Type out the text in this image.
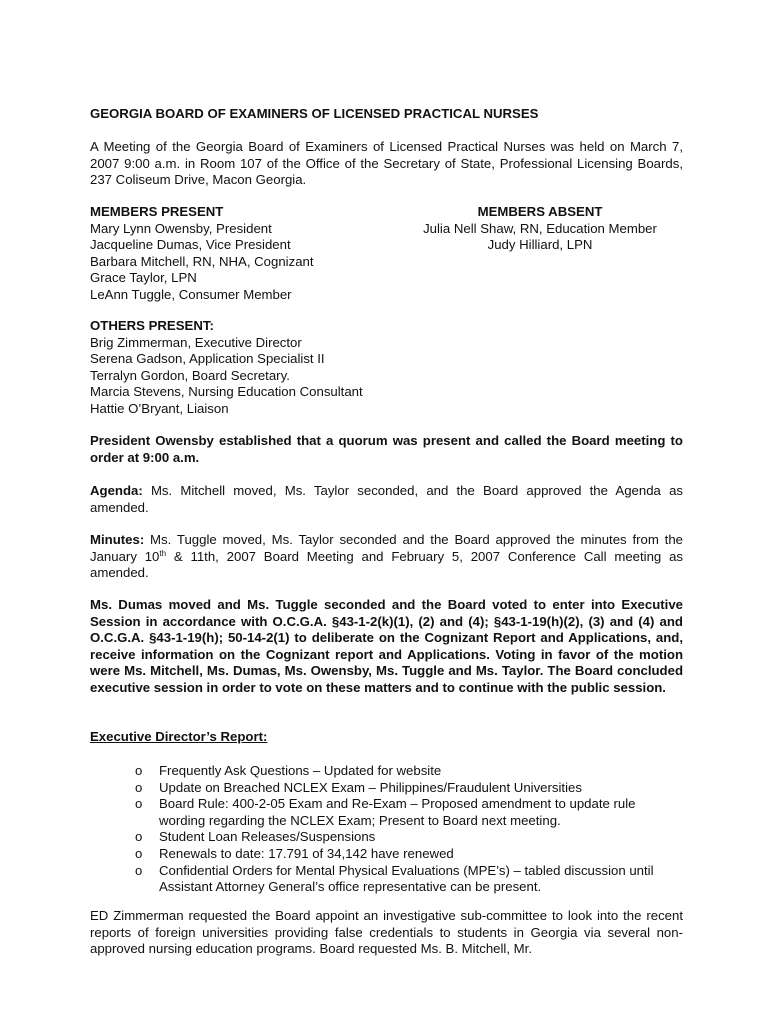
GEORGIA BOARD OF EXAMINERS OF LICENSED PRACTICAL NURSES

A Meeting of the Georgia Board of Examiners of Licensed Practical Nurses was held on March 7, 2007 9:00 a.m. in Room 107 of the Office of the Secretary of State, Professional Licensing Boards, 237 Coliseum Drive, Macon Georgia.

MEMBERS PRESENT
Mary Lynn Owensby, President
Jacqueline Dumas, Vice President
Barbara Mitchell, RN, NHA, Cognizant
Grace Taylor, LPN
LeAnn Tuggle, Consumer Member
MEMBERS ABSENT
Julia Nell Shaw, RN, Education Member
Judy Hilliard, LPN
OTHERS PRESENT:
Brig Zimmerman, Executive Director
Serena Gadson, Application Specialist II
Terralyn Gordon, Board Secretary.
Marcia Stevens, Nursing Education Consultant
Hattie O’Bryant, Liaison

President Owensby established that a quorum was present and called the Board meeting to order at 9:00 a.m.

Agenda: Ms. Mitchell moved, Ms. Taylor seconded, and the Board approved the Agenda as amended.

Minutes: Ms. Tuggle moved, Ms. Taylor seconded and the Board approved the minutes from the January 10th & 11th, 2007 Board Meeting and February 5, 2007 Conference Call meeting as amended.

Ms. Dumas moved and Ms. Tuggle seconded and the Board voted to enter into Executive Session in accordance with O.C.G.A. §43-1-2(k)(1), (2) and (4); §43-1-19(h)(2), (3) and (4) and O.C.G.A. §43-1-19(h); 50-14-2(1) to deliberate on the Cognizant Report and Applications, and, receive information on the Cognizant report and Applications. Voting in favor of the motion were Ms. Mitchell, Ms. Dumas, Ms. Owensby, Ms. Tuggle and Ms. Taylor. The Board concluded executive session in order to vote on these matters and to continue with the public session.

Executive Director’s Report:

o	Frequently Ask Questions – Updated for website
o	Update on Breached NCLEX Exam – Philippines/Fraudulent Universities
o	Board Rule: 400-2-05 Exam and Re-Exam – Proposed amendment to update rule wording regarding the NCLEX Exam; Present to Board next meeting.
o	Student Loan Releases/Suspensions
o	Renewals to date: 17.791 of 34,142 have renewed
o	Confidential Orders for Mental Physical Evaluations (MPE’s) – tabled discussion until Assistant Attorney General’s office representative can be present.

ED Zimmerman requested the Board appoint an investigative sub-committee to look into the recent reports of foreign universities providing false credentials to students in Georgia via several non-approved nursing education programs. Board requested Ms. B. Mitchell, Mr.
